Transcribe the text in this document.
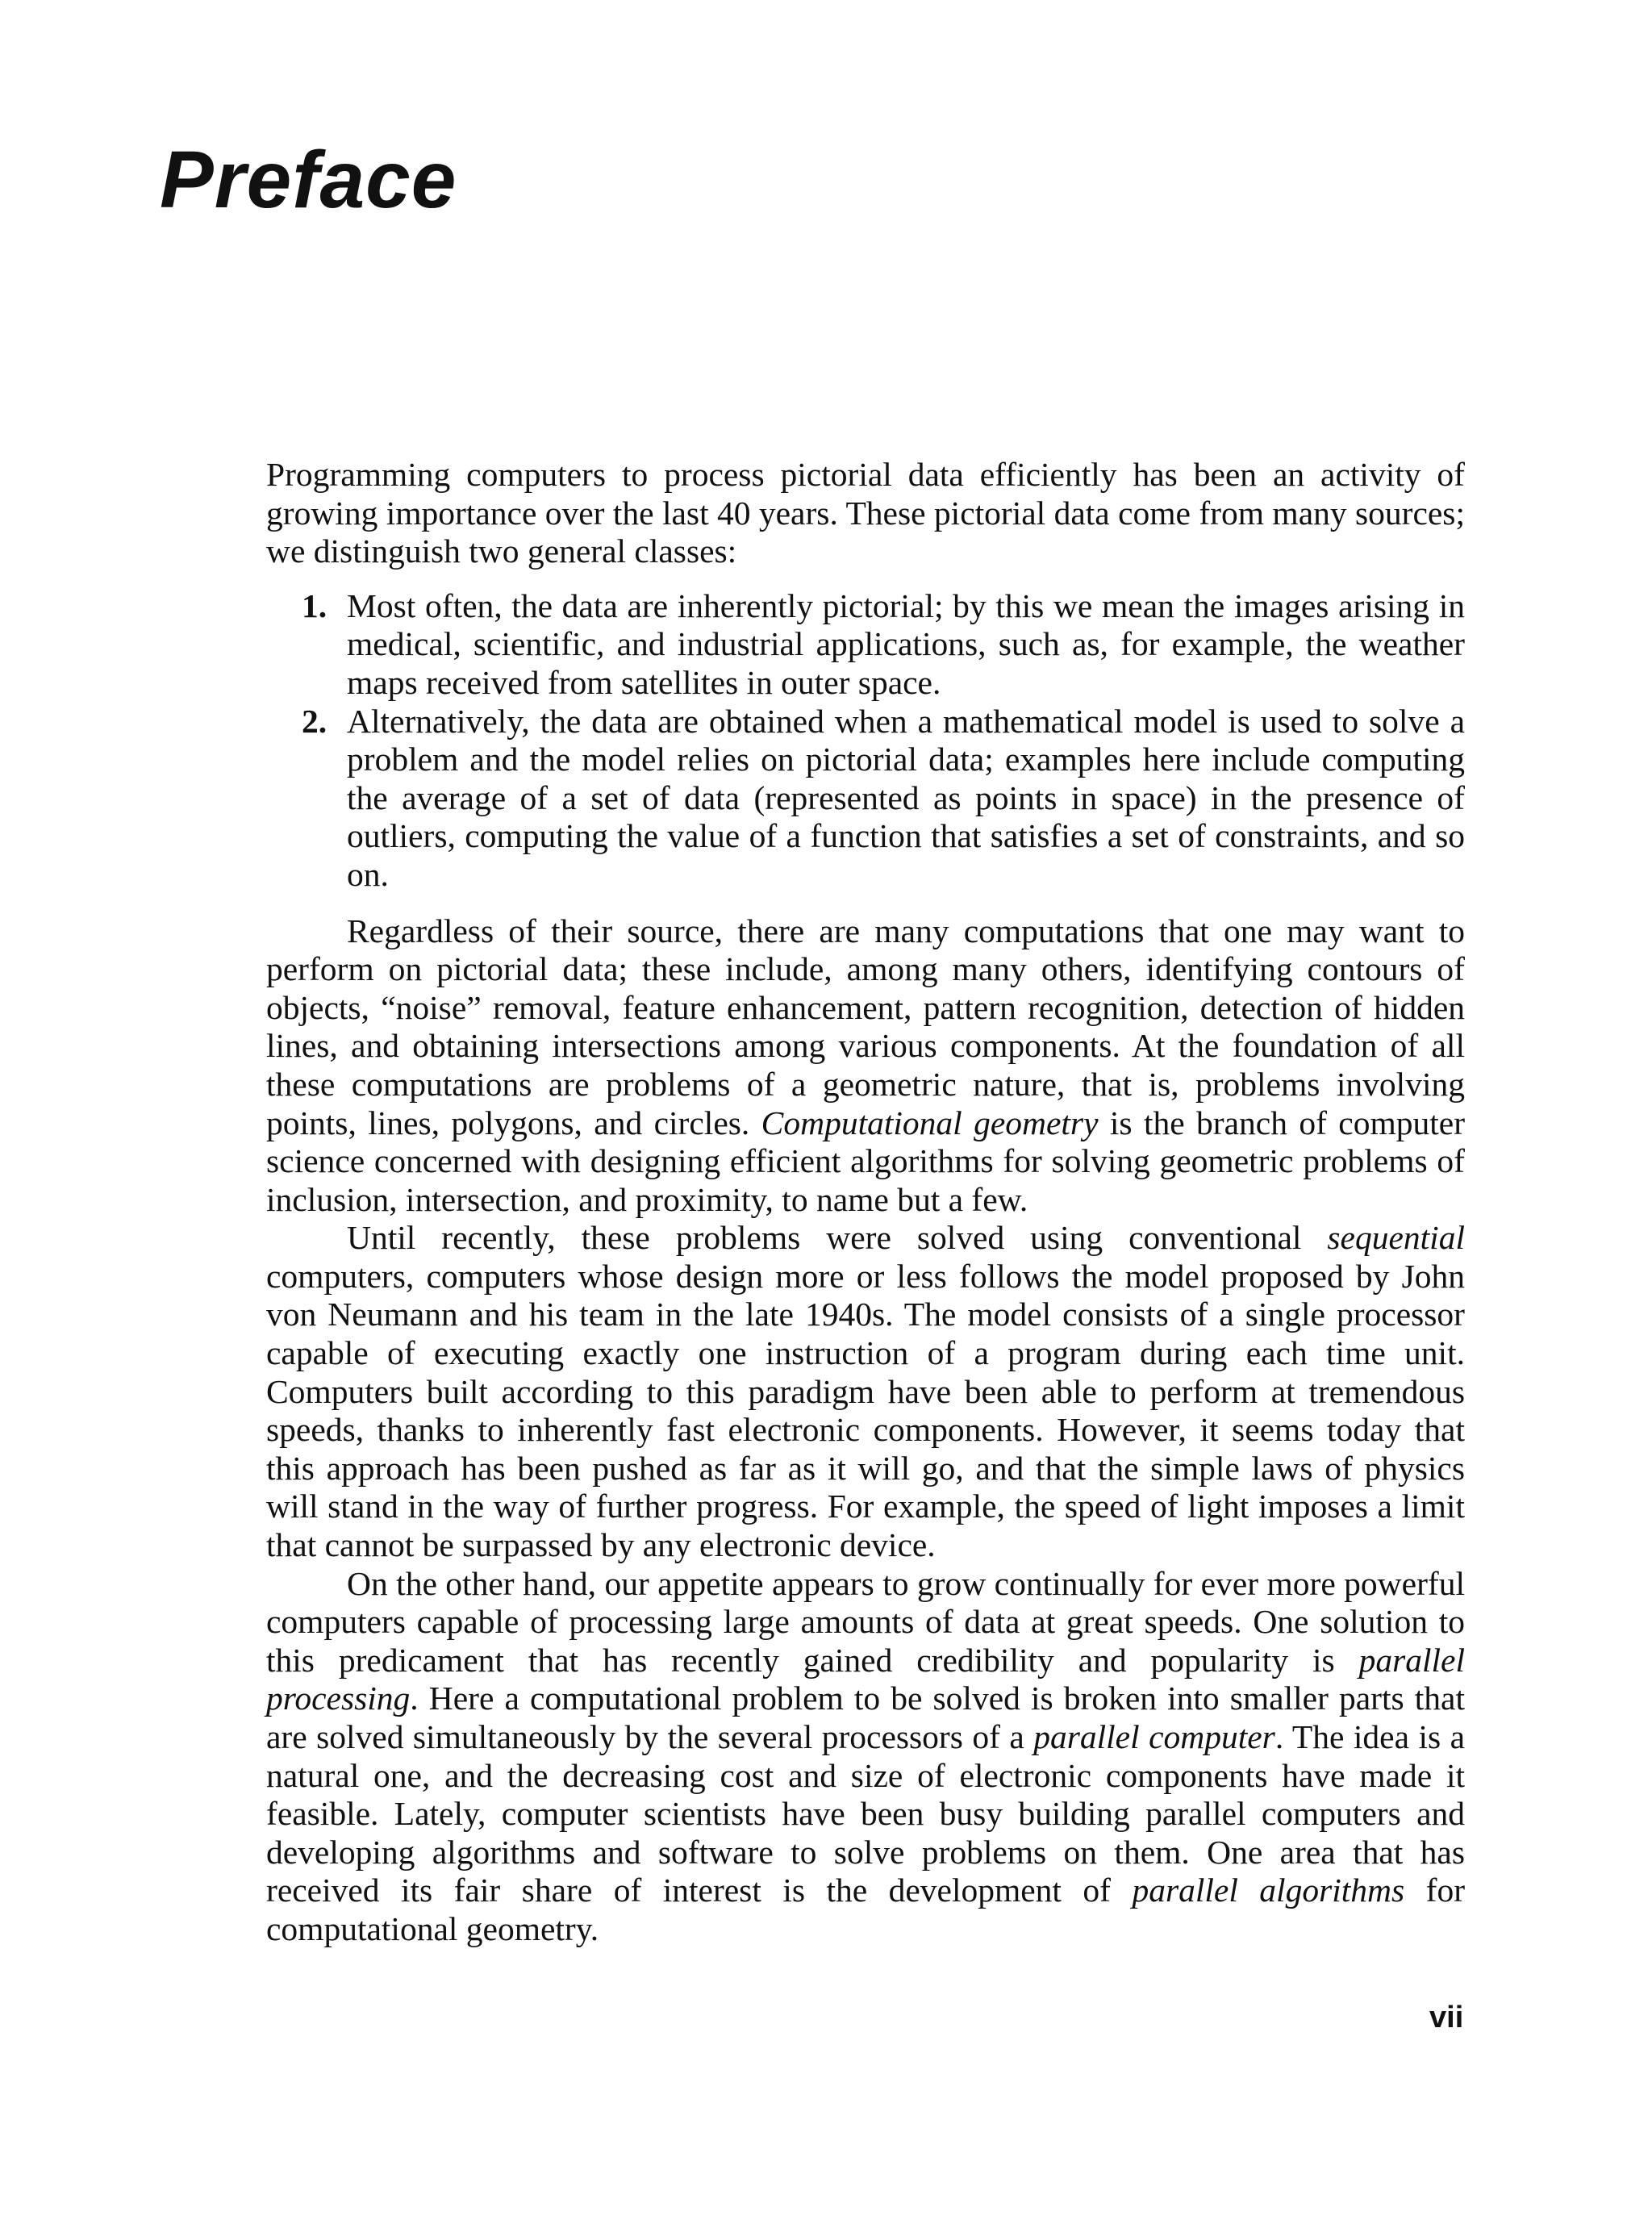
Preface

Programming computers to process pictorial data efficiently has been an activity of growing importance over the last 40 years. These pictorial data come from many sources; we distinguish two general classes:

1. Most often, the data are inherently pictorial; by this we mean the images arising in medical, scientific, and industrial applications, such as, for example, the weather maps received from satellites in outer space.
2. Alternatively, the data are obtained when a mathematical model is used to solve a problem and the model relies on pictorial data; examples here include computing the average of a set of data (represented as points in space) in the presence of outliers, computing the value of a function that satisfies a set of constraints, and so on.

Regardless of their source, there are many computations that one may want to perform on pictorial data; these include, among many others, identifying contours of objects, “noise” removal, feature enhancement, pattern recognition, detection of hidden lines, and obtaining intersections among various components. At the foundation of all these computations are problems of a geometric nature, that is, problems involving points, lines, polygons, and circles. Computational geometry is the branch of computer science concerned with designing efficient algorithms for solving geometric problems of inclusion, intersection, and proximity, to name but a few.

Until recently, these problems were solved using conventional sequential computers, computers whose design more or less follows the model proposed by John von Neumann and his team in the late 1940s. The model consists of a single processor capable of executing exactly one instruction of a program during each time unit. Computers built according to this paradigm have been able to perform at tremendous speeds, thanks to inherently fast electronic components. However, it seems today that this approach has been pushed as far as it will go, and that the simple laws of physics will stand in the way of further progress. For example, the speed of light imposes a limit that cannot be surpassed by any electronic device.

On the other hand, our appetite appears to grow continually for ever more powerful computers capable of processing large amounts of data at great speeds. One solution to this predicament that has recently gained credibility and popularity is parallel processing. Here a computational problem to be solved is broken into smaller parts that are solved simultaneously by the several processors of a parallel computer. The idea is a natural one, and the decreasing cost and size of electronic components have made it feasible. Lately, computer scientists have been busy building parallel computers and developing algorithms and software to solve problems on them. One area that has received its fair share of interest is the development of parallel algorithms for computational geometry.

vii
